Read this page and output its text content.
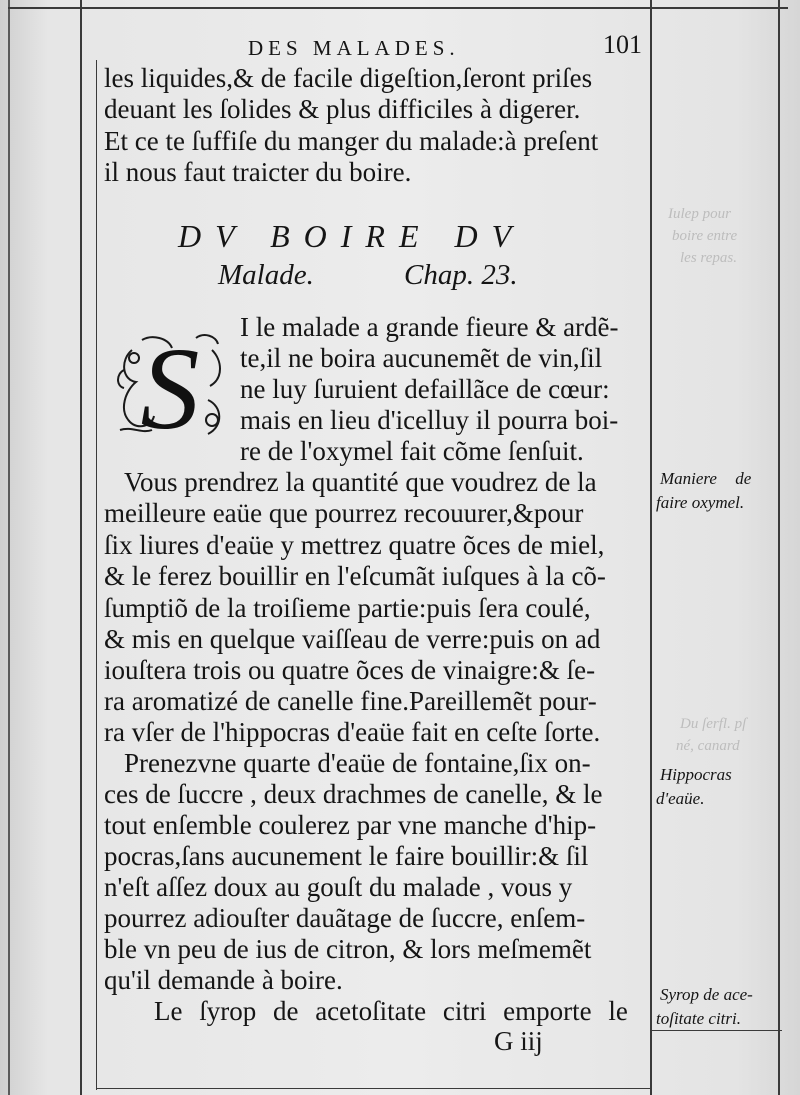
Iulep pour
boire entre
les repas.
Du ſerfl. pſ
né, canard
DES MALADES.	101
les liquides,& de facile digeſtion,ſeront priſes
deuant les ſolides & plus difficiles à digerer.
Et ce te ſuffiſe du manger du malade:à preſent
il nous faut traicter du boire.
DV BOIRE DV
Malade.	Chap. 23.
S I le malade a grande fieure & ardẽ-
te,il ne boira aucunemẽt de vin,ſil
ne luy ſuruient defaillãce de cœur:
mais en lieu d'icelluy il pourra boi-
re de l'oxymel fait cõme ſenſuit.
Vous prendrez la quantité que voudrez de la
meilleure eaüe que pourrez recouurer,&pour
ſix liures d'eaüe y mettrez quatre õces de miel,
& le ferez bouillir en l'eſcumãt iuſques à la cõ-
ſumptiõ de la troiſieme partie:puis ſera coulé,
& mis en quelque vaiſſeau de verre:puis on ad
iouſtera trois ou quatre õces de vinaigre:& ſe-
ra aromatizé de canelle fine.Pareillemẽt pour-
ra vſer de l'hippocras d'eaüe fait en ceſte ſorte.
Prenezvne quarte d'eaüe de fontaine,ſix on-
ces de ſuccre , deux drachmes de canelle, & le
tout enſemble coulerez par vne manche d'hip-
pocras,ſans aucunement le faire bouillir:& ſil
n'eſt aſſez doux au gouſt du malade , vous y
pourrez adiouſter dauãtage de ſuccre, enſem-
ble vn peu de ius de citron, & lors meſmemẽt
qu'il demande à boire.
Le ſyrop de acetoſitate citri emporte le
Maniere de
faire oxymel.
Hippocras
d'eaüe.
Syrop de ace-
toſitate citri.
G iij
